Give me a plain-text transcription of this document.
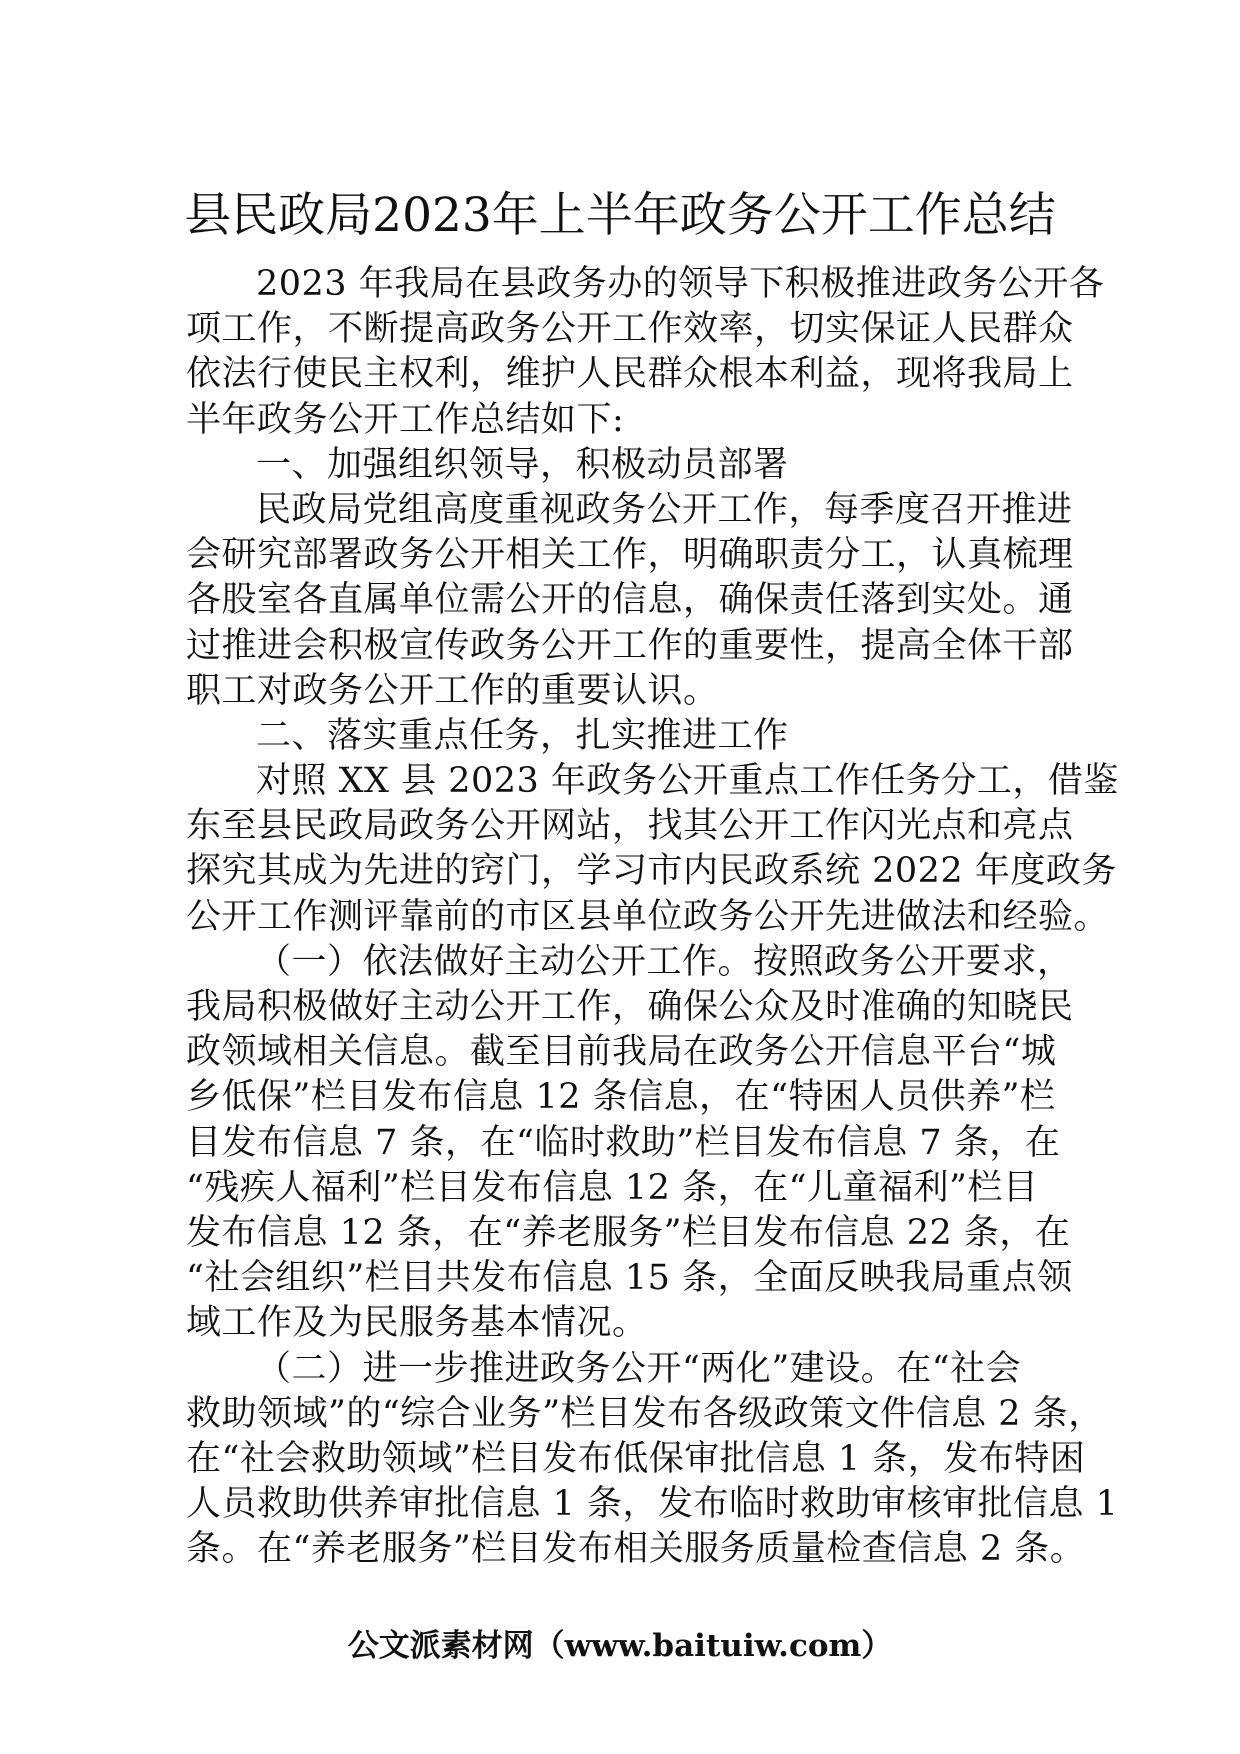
县民政局2023年上半年政务公开工作总结
2023 年我局在县政务办的领导下积极推进政务公开各
项工作，不断提高政务公开工作效率，切实保证人民群众
依法行使民主权利，维护人民群众根本利益，现将我局上
半年政务公开工作总结如下:
一、加强组织领导，积极动员部署
民政局党组高度重视政务公开工作，每季度召开推进
会研究部署政务公开相关工作，明确职责分工，认真梳理
各股室各直属单位需公开的信息，确保责任落到实处。通
过推进会积极宣传政务公开工作的重要性，提高全体干部
职工对政务公开工作的重要认识。
二、落实重点任务，扎实推进工作
对照 XX 县 2023 年政务公开重点工作任务分工，借鉴
东至县民政局政务公开网站，找其公开工作闪光点和亮点
探究其成为先进的窍门，学习市内民政系统 2022 年度政务
公开工作测评靠前的市区县单位政务公开先进做法和经验。
（一）依法做好主动公开工作。按照政务公开要求，
我局积极做好主动公开工作，确保公众及时准确的知晓民
政领域相关信息。截至目前我局在政务公开信息平台“城
乡低保”栏目发布信息 12 条信息，在“特困人员供养”栏
目发布信息 7 条，在“临时救助”栏目发布信息 7 条，在
“残疾人福利”栏目发布信息 12 条，在“儿童福利”栏目
发布信息 12 条，在“养老服务”栏目发布信息 22 条，在
“社会组织”栏目共发布信息 15 条，全面反映我局重点领
域工作及为民服务基本情况。
（二）进一步推进政务公开“两化”建设。在“社会
救助领域”的“综合业务”栏目发布各级政策文件信息 2 条，
在“社会救助领域”栏目发布低保审批信息 1 条，发布特困
人员救助供养审批信息 1 条，发布临时救助审核审批信息 1
条。在“养老服务”栏目发布相关服务质量检查信息 2 条。
公文派素材网（www.baituiw.com）
